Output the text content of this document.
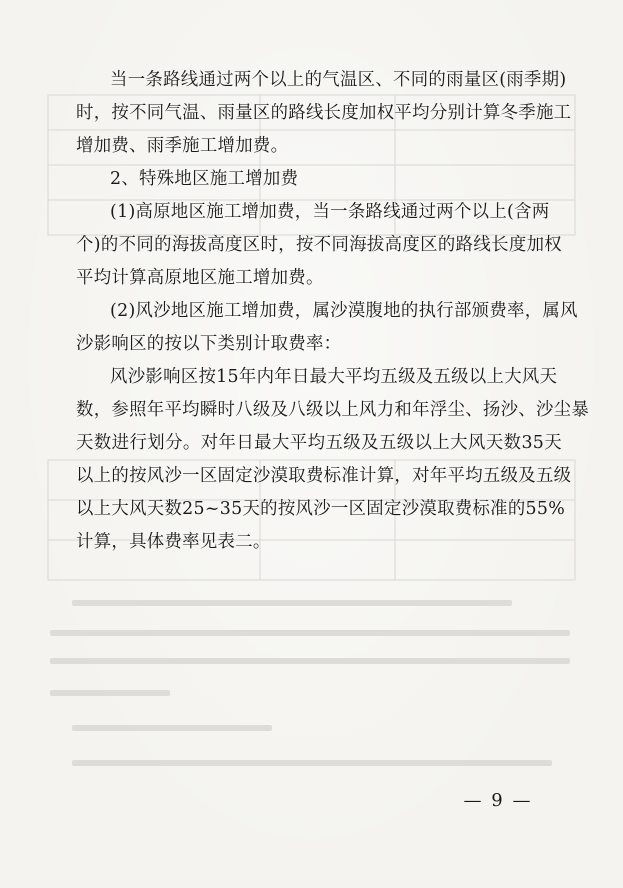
当一条路线通过两个以上的气温区、不同的雨量区(雨季期)
时，按不同气温、雨量区的路线长度加权平均分别计算冬季施工
增加费、雨季施工增加费。
2、特殊地区施工增加费
(1)高原地区施工增加费，当一条路线通过两个以上(含两
个)的不同的海拔高度区时，按不同海拔高度区的路线长度加权
平均计算高原地区施工增加费。
(2)风沙地区施工增加费，属沙漠腹地的执行部颁费率，属风
沙影响区的按以下类别计取费率：
风沙影响区按15年内年日最大平均五级及五级以上大风天
数，参照年平均瞬时八级及八级以上风力和年浮尘、扬沙、沙尘暴
天数进行划分。对年日最大平均五级及五级以上大风天数35天
以上的按风沙一区固定沙漠取费标准计算，对年平均五级及五级
以上大风天数25~35天的按风沙一区固定沙漠取费标准的55%
计算，具体费率见表二。
— 9 —
